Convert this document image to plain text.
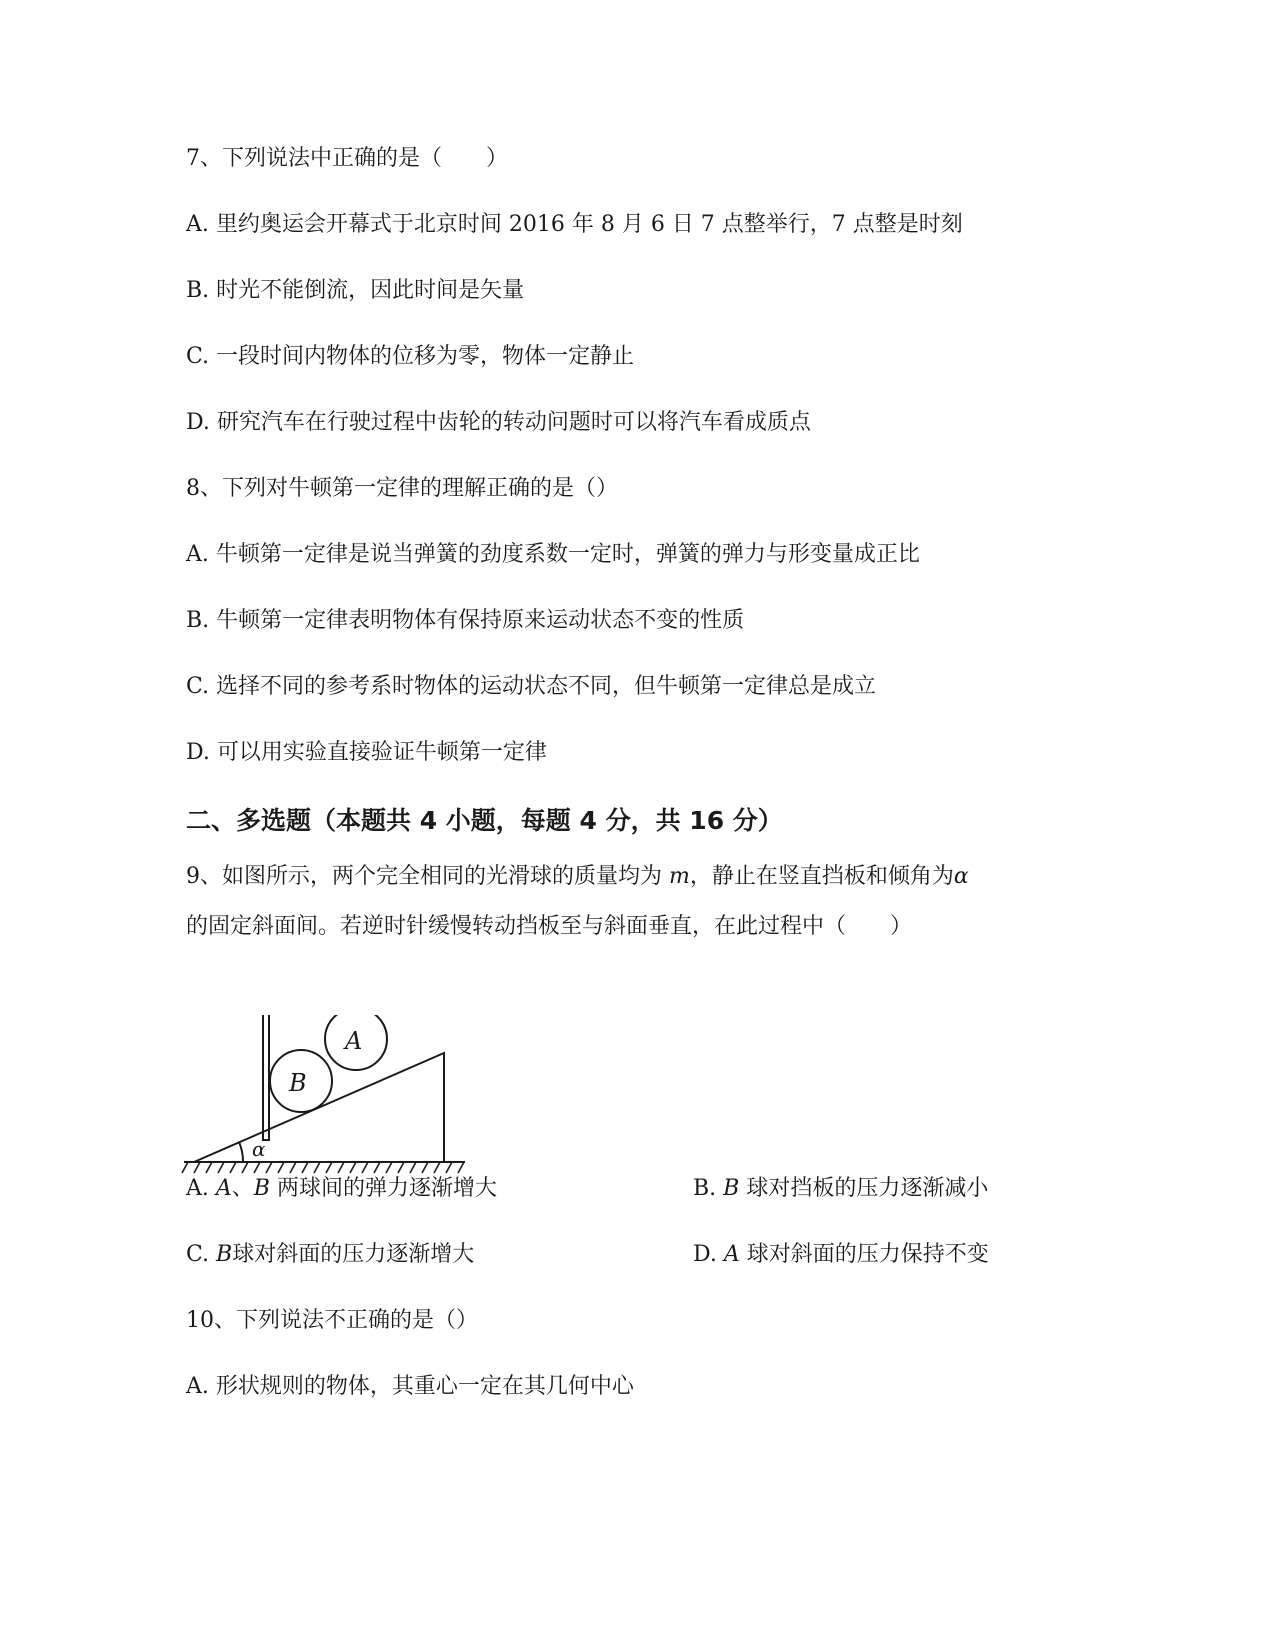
7、下列说法中正确的是（　　）
A. 里约奥运会开幕式于北京时间 2016 年 8 月 6 日 7 点整举行，7 点整是时刻
B. 时光不能倒流，因此时间是矢量
C. 一段时间内物体的位移为零，物体一定静止
D. 研究汽车在行驶过程中齿轮的转动问题时可以将汽车看成质点
8、下列对牛顿第一定律的理解正确的是（）
A. 牛顿第一定律是说当弹簧的劲度系数一定时，弹簧的弹力与形变量成正比
B. 牛顿第一定律表明物体有保持原来运动状态不变的性质
C. 选择不同的参考系时物体的运动状态不同，但牛顿第一定律总是成立
D. 可以用实验直接验证牛顿第一定律
二、多选题（本题共 4 小题，每题 4 分，共 16 分）
9、如图所示，两个完全相同的光滑球的质量均为 m，静止在竖直挡板和倾角为α
的固定斜面间。若逆时针缓慢转动挡板至与斜面垂直，在此过程中（　　）
B
A
α
A. A、B 两球间的弹力逐渐增大	B. B 球对挡板的压力逐渐减小
C. B球对斜面的压力逐渐增大	D. A 球对斜面的压力保持不变
10、下列说法不正确的是（）
A. 形状规则的物体，其重心一定在其几何中心
